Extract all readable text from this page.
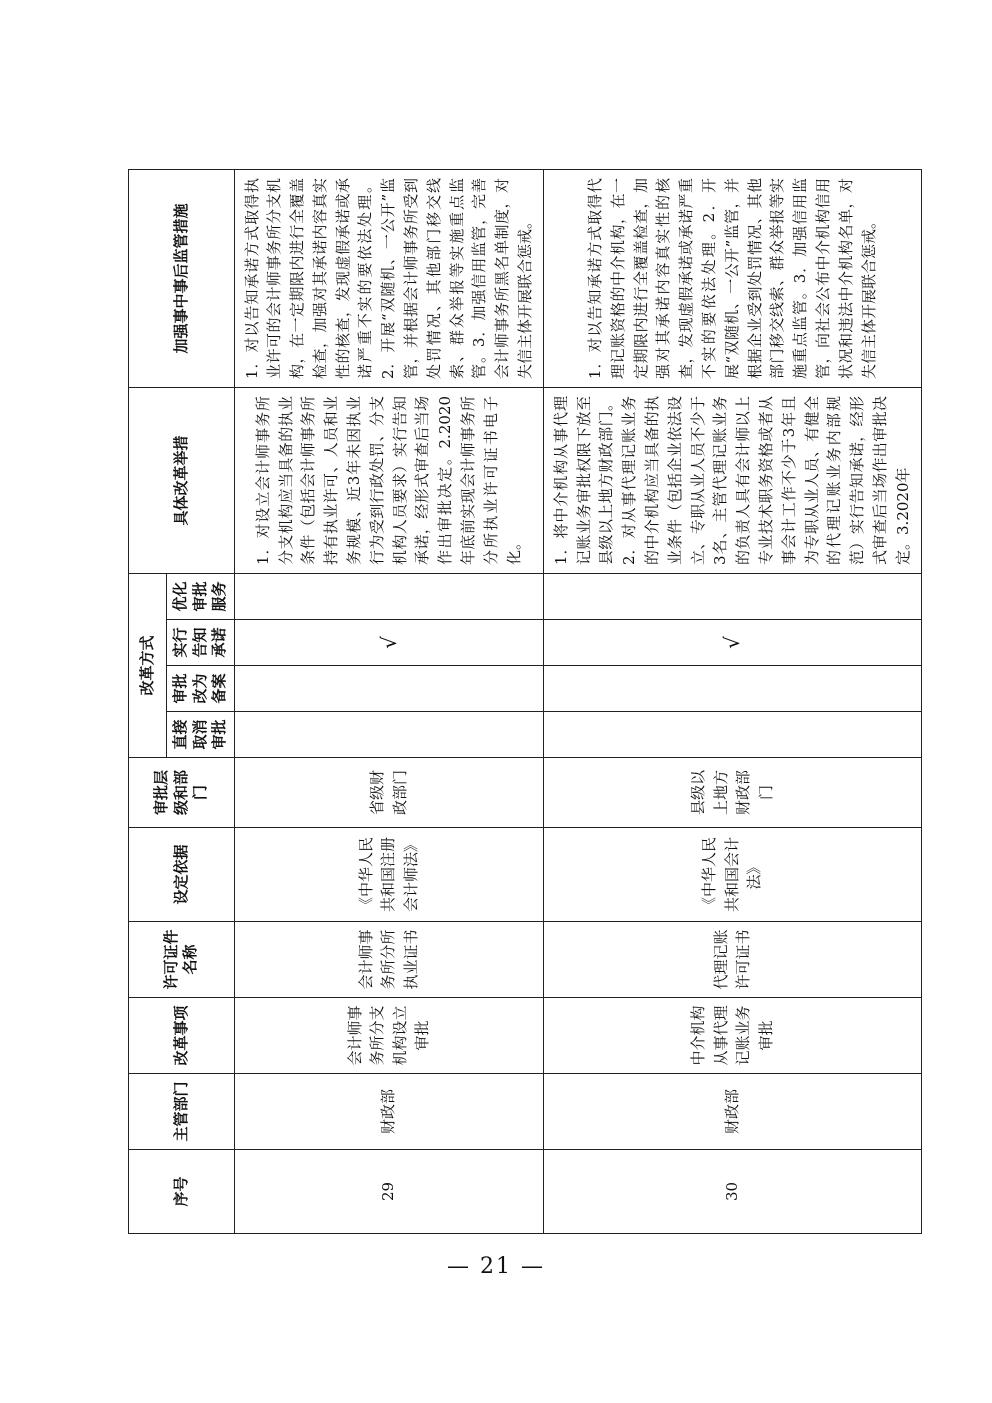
序号	主管部门	改革事项	许可证件名称	设定依据	审批层级和部门	改革方式				具体改革举措	加强事中事后监管措施

						直接取消审批	审批改为备案	实行告知承诺	优化审批服务		

29	财政部	会计师事务所分支机构设立审批	会计师事务所分所执业证书	《中华人民共和国注册会计师法》	省级财政部门			√		1．对设立会计师事务所分支机构应当具备的执业条件（包括会计师事务所持有执业许可、人员和业务规模、近3年未因执业行为受到行政处罚、分支机构人员要求）实行告知承诺，经形式审查后当场作出审批决定。2.2020年底前实现会计师事务所分所执业许可证书电子化。	1．对以告知承诺方式取得执业许可的会计师事务所分支机构，在一定期限内进行全覆盖检查，加强对其承诺内容真实性的核查，发现虚假承诺或承诺严重不实的要依法处理。2．开展“双随机、一公开”监管，并根据会计师事务所受到处罚情况、其他部门移交线索、群众举报等实施重点监管。3．加强信用监管，完善会计师事务所黑名单制度，对失信主体开展联合惩戒。

30	财政部	中介机构从事代理记账业务审批	代理记账许可证书	《中华人民共和国会计法》	县级以上地方财政部门			√		1．将中介机构从事代理记账业务审批权限下放至县级以上地方财政部门。2．对从事代理记账业务的中介机构应当具备的执业条件（包括企业依法设立、专职从业人员不少于3名、主管代理记账业务的负责人具有会计师以上专业技术职务资格或者从事会计工作不少于3年且为专职从业人员、有健全的代理记账业务内部规范）实行告知承诺，经形式审查后当场作出审批决定。3.2020年	1．对以告知承诺方式取得代理记账资格的中介机构，在一定期限内进行全覆盖检查，加强对其承诺内容真实性的核查，发现虚假承诺或承诺严重不实的要依法处理。2．开展“双随机、一公开”监管，并根据企业受到处罚情况、其他部门移交线索、群众举报等实施重点监管。3．加强信用监管，向社会公布中介机构信用状况和违法中介机构名单，对失信主体开展联合惩戒。
— 21 —
